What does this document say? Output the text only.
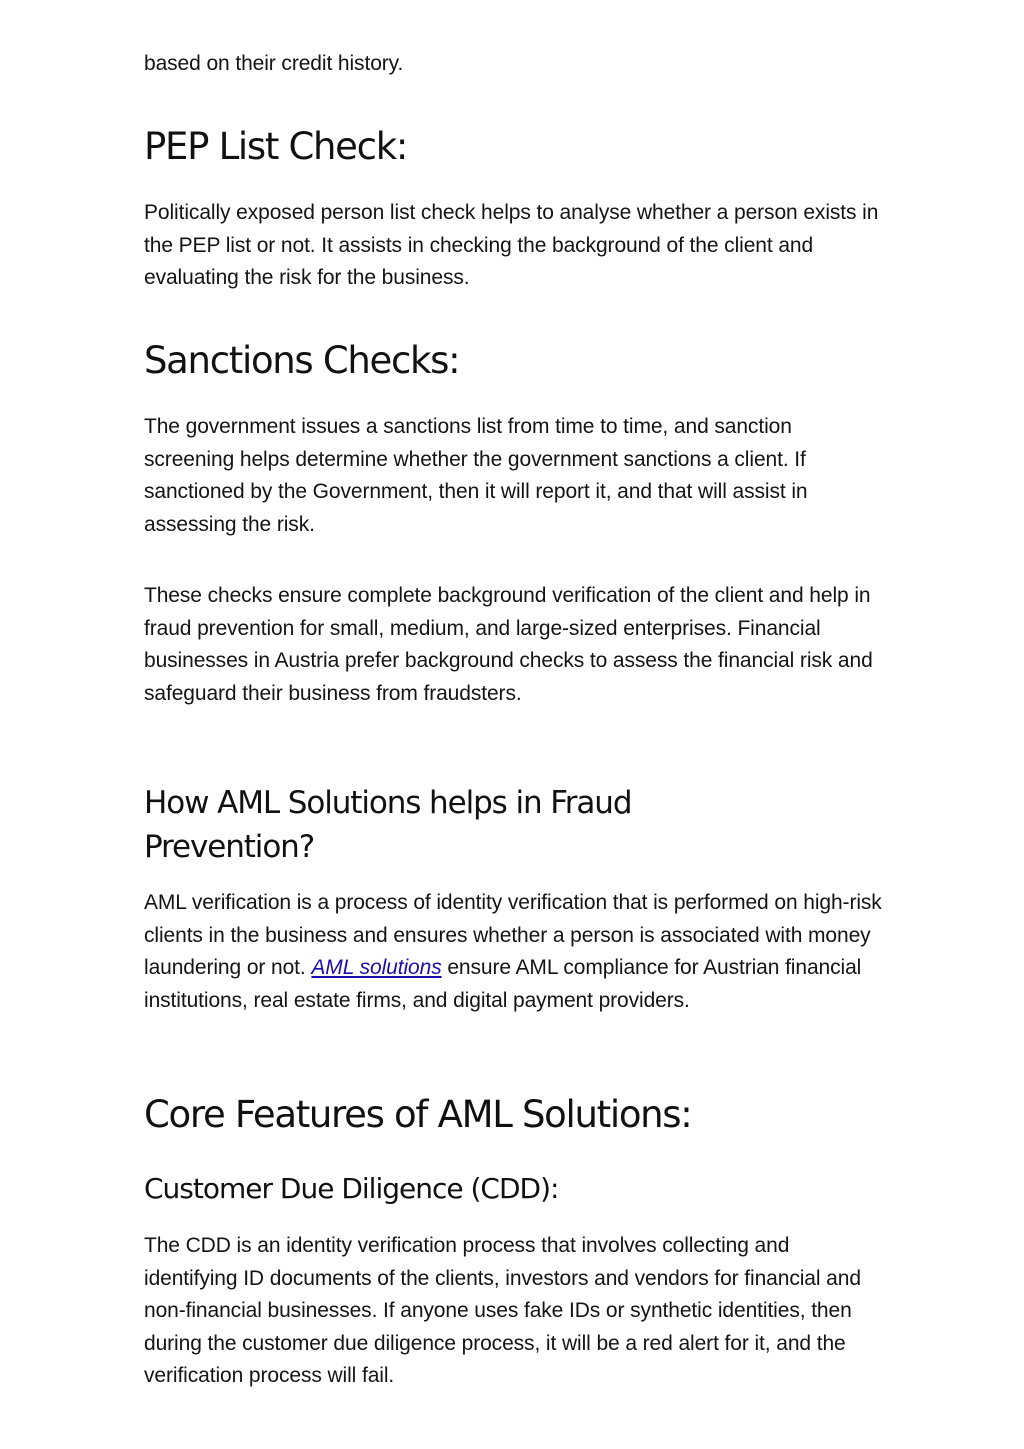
based on their credit history.

PEP List Check:

Politically exposed person list check helps to analyse whether a person exists in the PEP list or not. It assists in checking the background of the client and evaluating the risk for the business.

Sanctions Checks:

The government issues a sanctions list from time to time, and sanction screening helps determine whether the government sanctions a client. If sanctioned by the Government, then it will report it, and that will assist in assessing the risk.

These checks ensure complete background verification of the client and help in fraud prevention for small, medium, and large-sized enterprises. Financial businesses in Austria prefer background checks to assess the financial risk and safeguard their business from fraudsters.

How AML Solutions helps in Fraud
Prevention?

AML verification is a process of identity verification that is performed on high-risk clients in the business and ensures whether a person is associated with money laundering or not. AML solutions ensure AML compliance for Austrian financial institutions, real estate firms, and digital payment providers.

Core Features of AML Solutions:
Customer Due Diligence (CDD):

The CDD is an identity verification process that involves collecting and identifying ID documents of the clients, investors and vendors for financial and non-financial businesses. If anyone uses fake IDs or synthetic identities, then during the customer due diligence process, it will be a red alert for it, and the verification process will fail.
